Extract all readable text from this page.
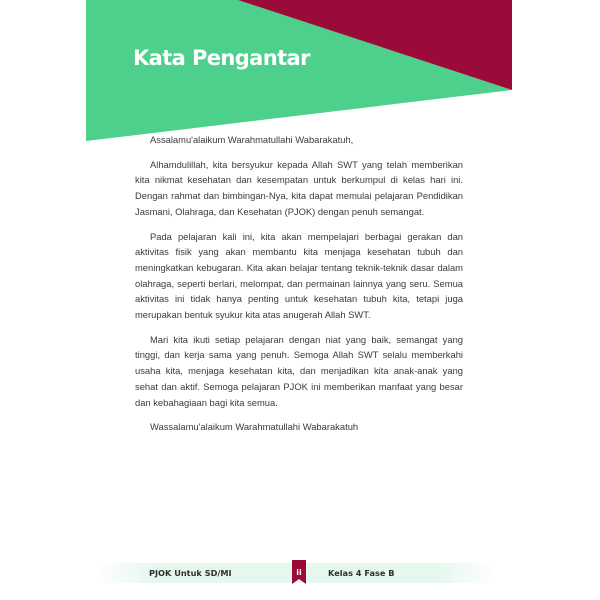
Kata Pengantar

Assalamu'alaikum Warahmatullahi Wabarakatuh,

Alhamdulillah, kita bersyukur kepada Allah SWT yang telah memberikan kita nikmat kesehatan dan kesempatan untuk berkumpul di kelas hari ini. Dengan rahmat dan bimbingan-Nya, kita dapat memulai pelajaran Pendidikan Jasmani, Olahraga, dan Kesehatan (PJOK) dengan penuh semangat.

Pada pelajaran kali ini, kita akan mempelajari berbagai gerakan dan aktivitas fisik yang akan membantu kita menjaga kesehatan tubuh dan meningkatkan kebugaran. Kita akan belajar tentang teknik-teknik dasar dalam olahraga, seperti berlari, melompat, dan permainan lainnya yang seru. Semua aktivitas ini tidak hanya penting untuk kesehatan tubuh kita, tetapi juga merupakan bentuk syukur kita atas anugerah Allah SWT.

Mari kita ikuti setiap pelajaran dengan niat yang baik, semangat yang tinggi, dan kerja sama yang penuh. Semoga Allah SWT selalu memberkahi usaha kita, menjaga kesehatan kita, dan menjadikan kita anak-anak yang sehat dan aktif. Semoga pelajaran PJOK ini memberikan manfaat yang besar dan kebahagiaan bagi kita semua.

Wassalamu'alaikum Warahmatullahi Wabarakatuh

PJOK Untuk SD/MI	ii	Kelas 4 Fase B
